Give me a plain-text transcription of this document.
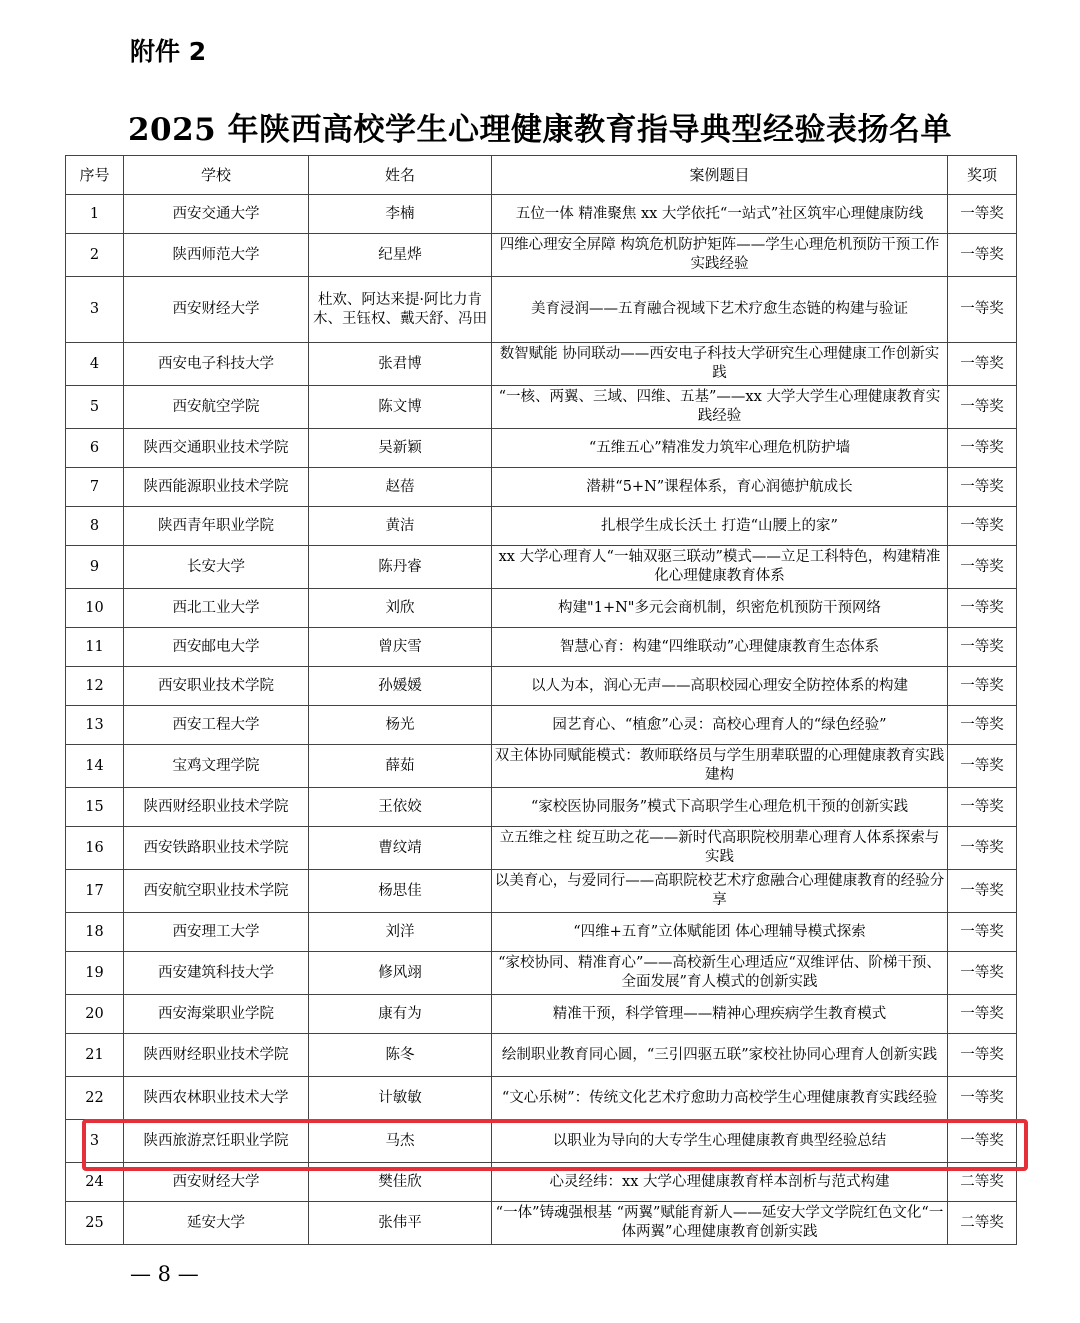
附件 2
2025 年陕西高校学生心理健康教育指导典型经验表扬名单
序号	学校	姓名	案例题目	奖项
1	西安交通大学	李楠	五位一体 精准聚焦 xx 大学依托“一站式”社区筑牢心理健康防线	一等奖
2	陕西师范大学	纪星烨	四维心理安全屏障 构筑危机防护矩阵——学生心理危机预防干预工作实践经验	一等奖
3	西安财经大学	杜欢、阿达来提·阿比力肯木、王钰权、戴天舒、冯田	美育浸润——五育融合视域下艺术疗愈生态链的构建与验证	一等奖
4	西安电子科技大学	张君博	数智赋能 协同联动——西安电子科技大学研究生心理健康工作创新实践	一等奖
5	西安航空学院	陈文博	“一核、两翼、三域、四维、五基”——xx 大学大学生心理健康教育实践经验	一等奖
6	陕西交通职业技术学院	吴新颖	“五维五心”精准发力筑牢心理危机防护墙	一等奖
7	陕西能源职业技术学院	赵蓓	潜耕“5+N”课程体系，育心润德护航成长	一等奖
8	陕西青年职业学院	黄洁	扎根学生成长沃土 打造“山腰上的家”	一等奖
9	长安大学	陈丹睿	xx 大学心理育人“一轴双驱三联动”模式——立足工科特色，构建精准化心理健康教育体系	一等奖
10	西北工业大学	刘欣	构建"1+N"多元会商机制，织密危机预防干预网络	一等奖
11	西安邮电大学	曾庆雪	智慧心育：构建“四维联动”心理健康教育生态体系	一等奖
12	西安职业技术学院	孙媛媛	以人为本，润心无声——高职校园心理安全防控体系的构建	一等奖
13	西安工程大学	杨光	园艺育心、“植愈”心灵：高校心理育人的“绿色经验”	一等奖
14	宝鸡文理学院	薛茹	双主体协同赋能模式：教师联络员与学生朋辈联盟的心理健康教育实践建构	一等奖
15	陕西财经职业技术学院	王依姣	“家校医协同服务”模式下高职学生心理危机干预的创新实践	一等奖
16	西安铁路职业技术学院	曹纹靖	立五维之柱 绽互助之花——新时代高职院校朋辈心理育人体系探索与实践	一等奖
17	西安航空职业技术学院	杨思佳	以美育心，与爱同行——高职院校艺术疗愈融合心理健康教育的经验分享	一等奖
18	西安理工大学	刘洋	“四维+五育”立体赋能团 体心理辅导模式探索	一等奖
19	西安建筑科技大学	修风翊	“家校协同、精准育心”——高校新生心理适应“双维评估、阶梯干预、全面发展”育人模式的创新实践	一等奖
20	西安海棠职业学院	康有为	精准干预，科学管理——精神心理疾病学生教育模式	一等奖
21	陕西财经职业技术学院	陈冬	绘制职业教育同心圆，“三引四驱五联”家校社协同心理育人创新实践	一等奖
22	陕西农林职业技术大学	计敏敏	“文心乐树”：传统文化艺术疗愈助力高校学生心理健康教育实践经验	一等奖
3	陕西旅游烹饪职业学院	马杰	以职业为导向的大专学生心理健康教育典型经验总结	一等奖
24	西安财经大学	樊佳欣	心灵经纬：xx 大学心理健康教育样本剖析与范式构建	二等奖
25	延安大学	张伟平	“一体”铸魂强根基 “两翼”赋能育新人——延安大学文学院红色文化“一体两翼”心理健康教育创新实践	二等奖
— 8 —
